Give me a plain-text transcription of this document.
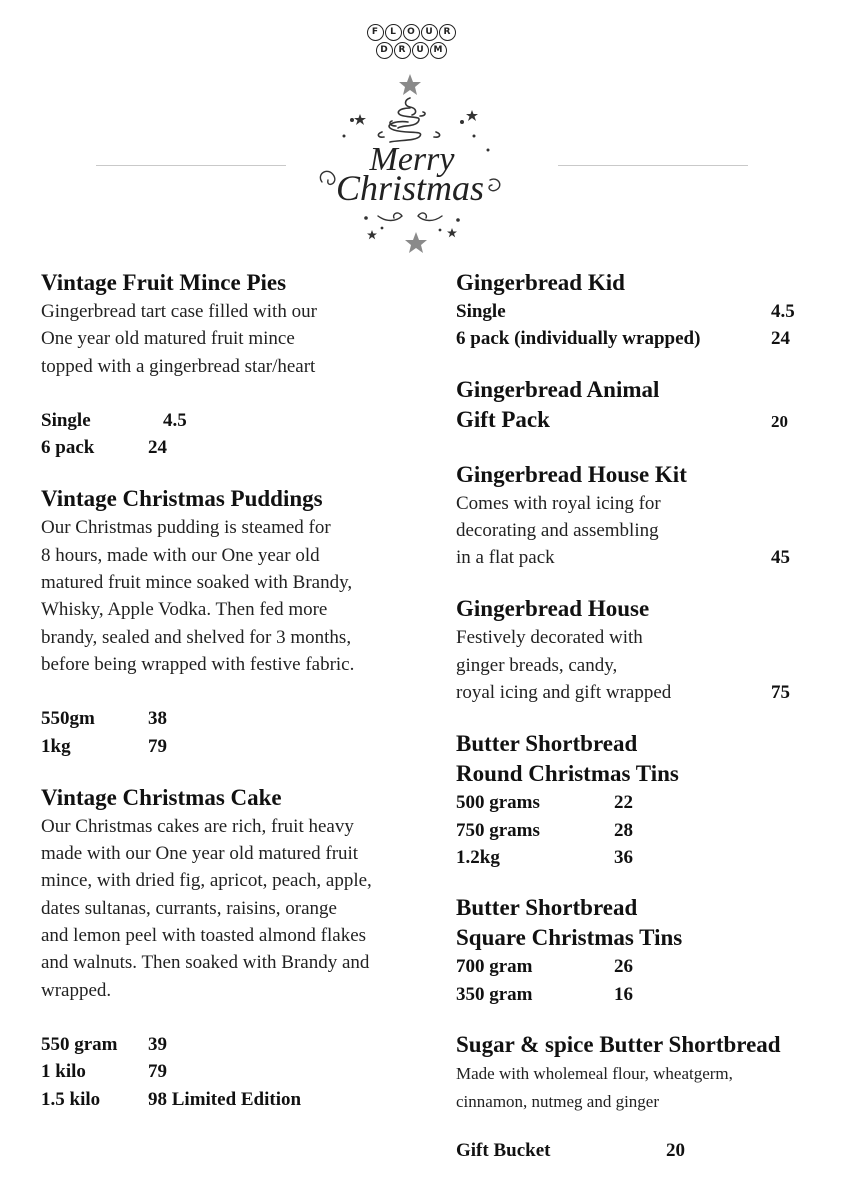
F	L	O	U	R
D	R	U	M
Merry
Christmas

Vintage Fruit Mince Pies

Gingerbread tart case filled with our
One year old matured fruit mince
topped with a gingerbread star/heart

Single	4.5
6 pack	24

Vintage Christmas Puddings

Our Christmas pudding is steamed for
8 hours, made with our One year old
matured fruit mince soaked with Brandy,
Whisky, Apple Vodka. Then fed more
brandy, sealed and shelved for 3 months,
before being wrapped with festive fabric.

550gm	38
1kg	79

Vintage Christmas Cake

Our Christmas cakes are rich, fruit heavy
made with our One year old matured fruit
mince, with dried fig, apricot, peach, apple,
dates sultanas, currants, raisins, orange
and lemon peel with toasted almond flakes
and walnuts. Then soaked with Brandy and
wrapped.

550 gram	39
1 kilo	79
1.5 kilo	98 Limited Edition

Gingerbread Kid

Single	4.5
6 pack (individually wrapped)	24

Gingerbread Animal

Gift Pack	20

Gingerbread House Kit

Comes with royal icing for
decorating and assembling

in a flat pack	45

Gingerbread House

Festively decorated with
ginger breads, candy,

royal icing and gift wrapped	75

Butter Shortbread

Round Christmas Tins

500 grams	22
750 grams	28
1.2kg	36

Butter Shortbread

Square Christmas Tins

700 gram	26
350 gram	16

Sugar & spice Butter Shortbread

Made with wholemeal flour, wheatgerm,
cinnamon, nutmeg and ginger

Gift Bucket	20
